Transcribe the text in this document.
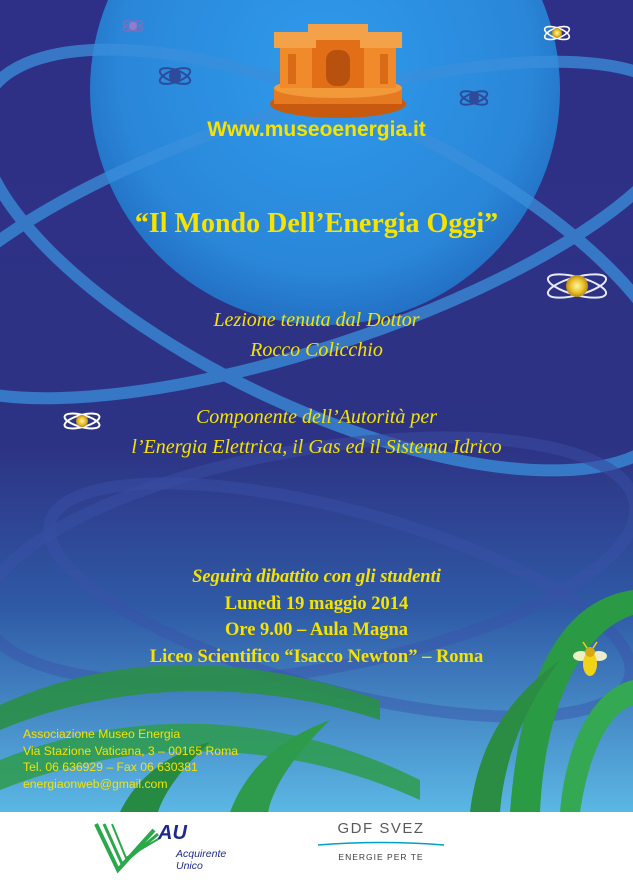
Www.museoenergia.it
“Il Mondo Dell’Energia Oggi”
Lezione tenuta dal Dottor
Rocco Colicchio
Componente dell’Autorità per
l’Energia Elettrica, il Gas ed il Sistema Idrico
Seguirà dibattito con gli studenti
Lunedì 19 maggio 2014
Ore 9.00 – Aula Magna
Liceo Scientifico “Isacco Newton” – Roma
Associazione Museo Energia
Via Stazione Vaticana, 3 – 00165 Roma
Tel. 06 636929 – Fax 06 630381
energiaonweb@gmail.com
AU
Acquirente
Unico
GDF SVEZ
ENERGIE PER TE
